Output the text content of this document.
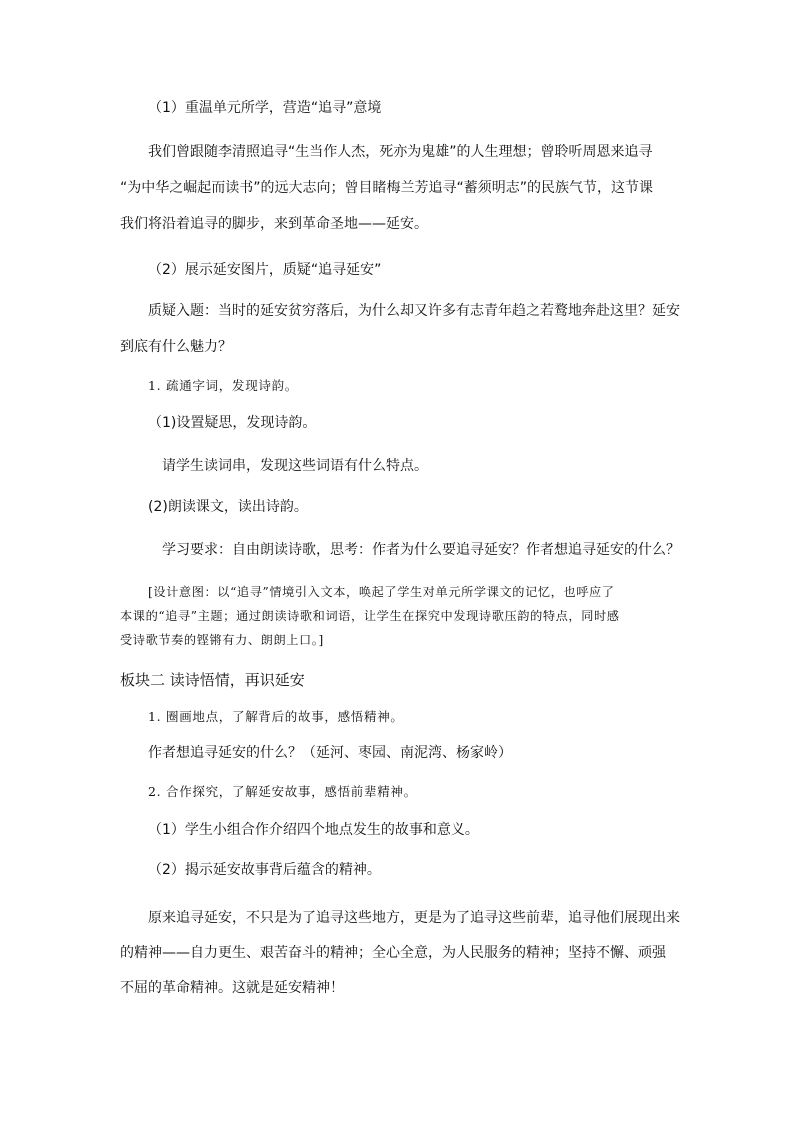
（1）重温单元所学，营造“追寻”意境
我们曾跟随李清照追寻“生当作人杰，死亦为鬼雄”的人生理想；曾聆听周恩来追寻
“为中华之崛起而读书”的远大志向；曾目睹梅兰芳追寻“蓄须明志”的民族气节，这节课
我们将沿着追寻的脚步，来到革命圣地——延安。
（2）展示延安图片，质疑“追寻延安”
质疑入题：当时的延安贫穷落后，为什么却又许多有志青年趋之若鹜地奔赴这里？延安
到底有什么魅力？
1. 疏通字词，发现诗韵。
（1)设置疑思，发现诗韵。
请学生读词串，发现这些词语有什么特点。
(2)朗读课文，读出诗韵。
学习要求：自由朗读诗歌，思考：作者为什么要追寻延安？作者想追寻延安的什么？

[设计意图：以“追寻”情境引入文本，唤起了学生对单元所学课文的记忆，也呼应了

本课的“追寻”主题；通过朗读诗歌和词语，让学生在探究中发现诗歌压韵的特点，同时感

受诗歌节奏的铿锵有力、朗朗上口。]

板块二 读诗悟情，再识延安
1. 圈画地点，了解背后的故事，感悟精神。
作者想追寻延安的什么？（延河、枣园、南泥湾、杨家岭）
2. 合作探究，了解延安故事，感悟前辈精神。
（1）学生小组合作介绍四个地点发生的故事和意义。
（2）揭示延安故事背后蕴含的精神。
原来追寻延安，不只是为了追寻这些地方，更是为了追寻这些前辈，追寻他们展现出来
的精神——自力更生、艰苦奋斗的精神；全心全意，为人民服务的精神；坚持不懈、顽强
不屈的革命精神。这就是延安精神！
